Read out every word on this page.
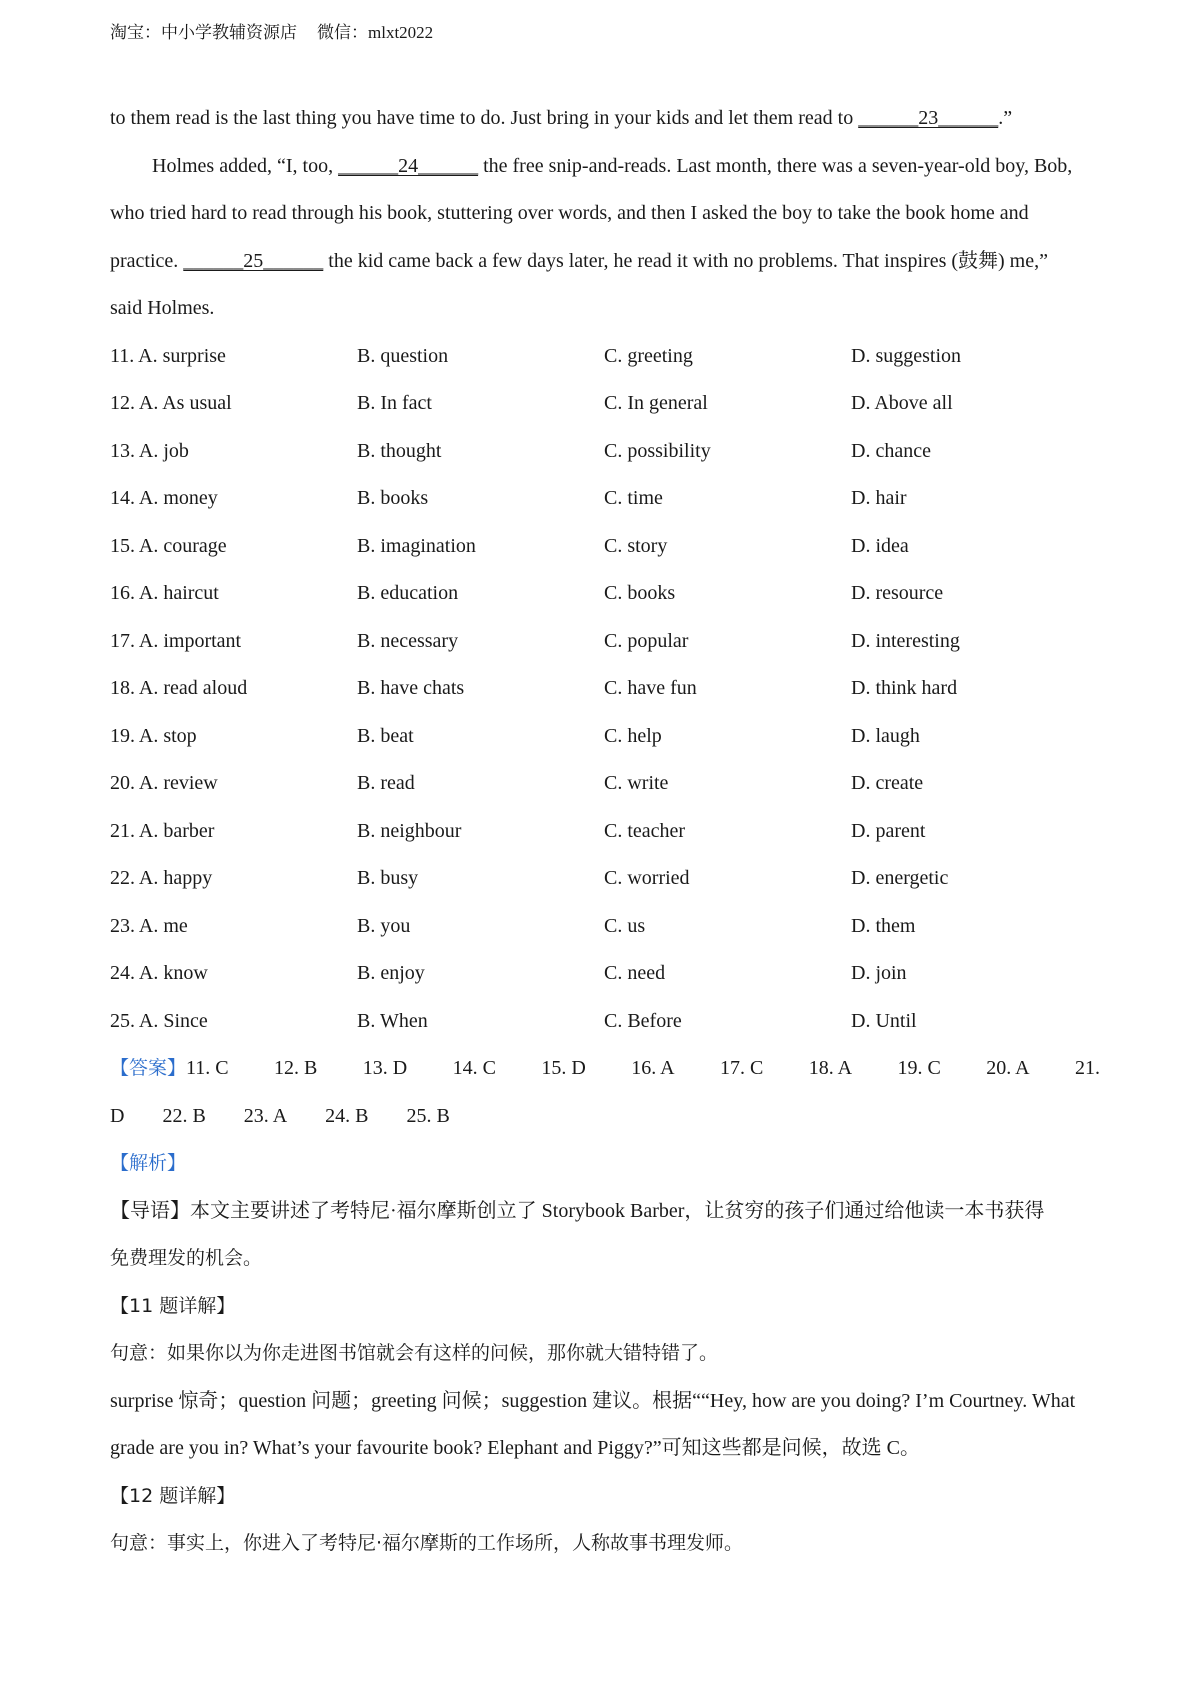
淘宝：中小学教辅资源店 微信：mlxt2022
to them read is the last thing you have time to do. Just bring in your kids and let them read to ______23______.”
Holmes added, “I, too, ______24______ the free snip-and-reads. Last month, there was a seven-year-old boy, Bob,
who tried hard to read through his book, stuttering over words, and then I asked the boy to take the book home and
practice. ______25______ the kid came back a few days later, he read it with no problems. That inspires (鼓舞) me,”
said Holmes.
11. A. surprise	B. question	C. greeting	D. suggestion
12. A. As usual	B. In fact	C. In general	D. Above all
13. A. job	B. thought	C. possibility	D. chance
14. A. money	B. books	C. time	D. hair
15. A. courage	B. imagination	C. story	D. idea
16. A. haircut	B. education	C. books	D. resource
17. A. important	B. necessary	C. popular	D. interesting
18. A. read aloud	B. have chats	C. have fun	D. think hard
19. A. stop	B. beat	C. help	D. laugh
20. A. review	B. read	C. write	D. create
21. A. barber	B. neighbour	C. teacher	D. parent
22. A. happy	B. busy	C. worried	D. energetic
23. A. me	B. you	C. us	D. them
24. A. know	B. enjoy	C. need	D. join
25. A. Since	B. When	C. Before	D. Until
【答案】 11. C 12. B 13. D 14. C 15. D 16. A 17. C 18. A 19. C 20. A 21.
D 22. B 23. A 24. B 25. B
【解析】
【导语】本文主要讲述了考特尼·福尔摩斯创立了 Storybook Barber，让贫穷的孩子们通过给他读一本书获得
免费理发的机会。
【11 题详解】
句意：如果你以为你走进图书馆就会有这样的问候，那你就大错特错了。
surprise 惊奇；question 问题；greeting 问候；suggestion 建议。根据““Hey, how are you doing? I’m Courtney. What
grade are you in? What’s your favourite book? Elephant and Piggy?”可知这些都是问候，故选 C。
【12 题详解】
句意：事实上，你进入了考特尼·福尔摩斯的工作场所，人称故事书理发师。
